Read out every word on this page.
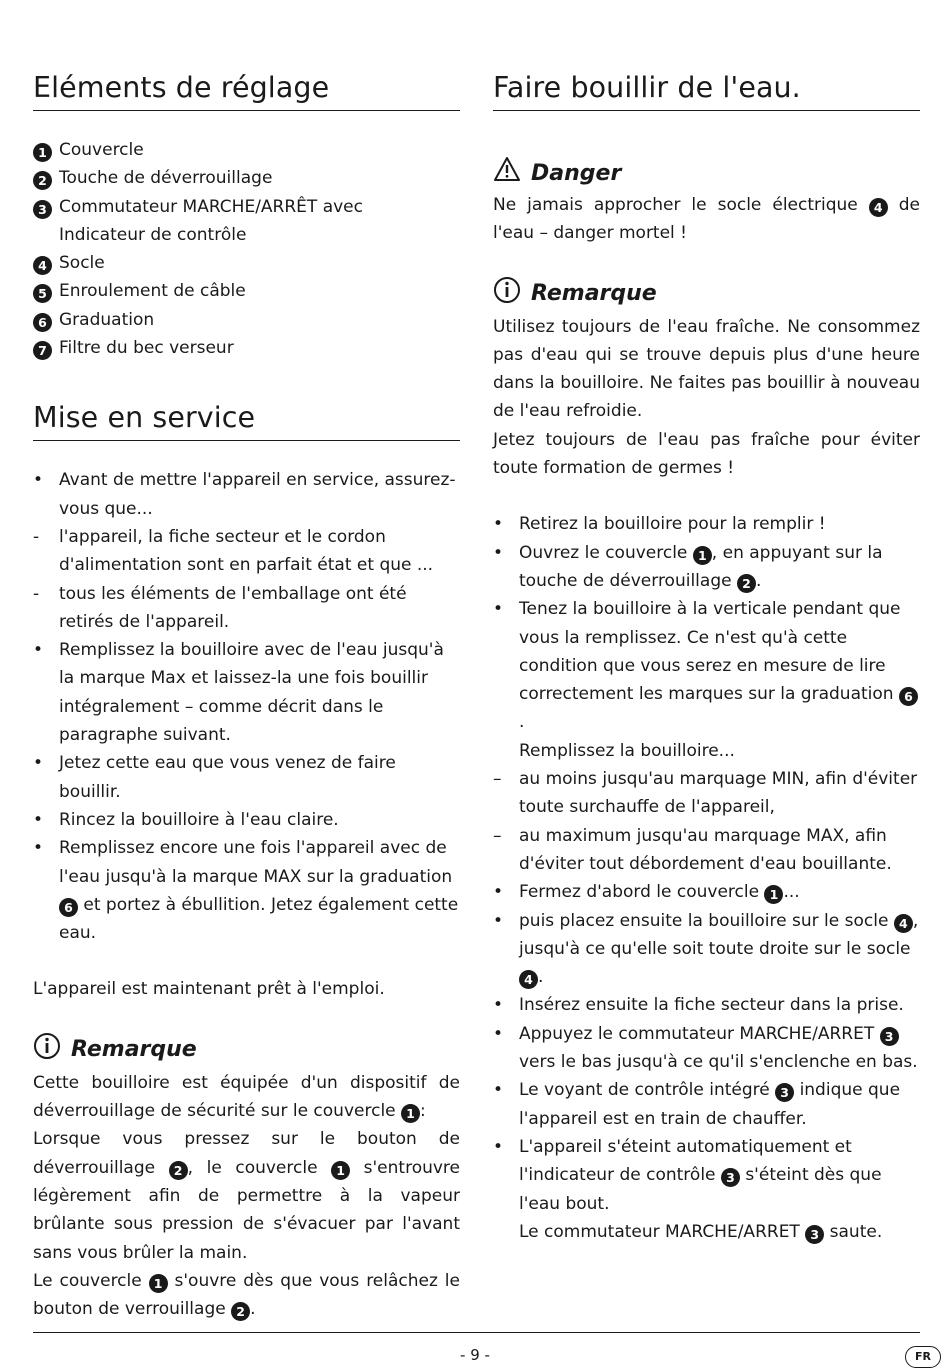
Eléments de réglage
1 Couvercle
2 Touche de déverrouillage
3 Commutateur MARCHE/ARRÊT avec
Indicateur de contrôle
4 Socle
5 Enroulement de câble
6 Graduation
7 Filtre du bec verseur
Mise en service
• Avant de mettre l'appareil en service, assurez-vous que...
-	l'appareil, la fiche secteur et le cordon d'alimentation sont en parfait état et que ...
-	tous les éléments de l'emballage ont été retirés de l'appareil.
• Remplissez la bouilloire avec de l'eau jusqu'à la marque Max et laissez-la une fois bouillir intégralement – comme décrit dans le paragraphe suivant.
• Jetez cette eau que vous venez de faire bouillir.
• Rincez la bouilloire à l'eau claire.
• Remplissez encore une fois l'appareil avec de l'eau jusqu'à la marque MAX sur la graduation 6 et portez à ébullition. Jetez également cette eau.
L'appareil est maintenant prêt à l'emploi.
Remarque
Cette bouilloire est équipée d'un dispositif de déverrouillage de sécurité sur le couvercle 1 :
Lorsque vous pressez sur le bouton de déverrouillage 2 , le couvercle 1 s'entrouvre légèrement afin de permettre à la vapeur brûlante sous pression de s'évacuer par l'avant sans vous brûler la main.
Le couvercle 1 s'ouvre dès que vous relâchez le bouton de verrouillage 2 .
Faire bouillir de l'eau.
Danger
Ne jamais approcher le socle électrique 4 de l'eau – danger mortel !
Remarque
Utilisez toujours de l'eau fraîche. Ne consommez pas d'eau qui se trouve depuis plus d'une heure dans la bouilloire. Ne faites pas bouillir à nouveau de l'eau refroidie.
Jetez toujours de l'eau pas fraîche pour éviter toute formation de germes !
• Retirez la bouilloire pour la remplir !
• Ouvrez le couvercle 1 , en appuyant sur la touche de déverrouillage 2 .
• Tenez la bouilloire à la verticale pendant que vous la remplissez. Ce n'est qu'à cette condition que vous serez en mesure de lire correctement les marques sur la graduation 6.
Remplissez la bouilloire...
–	au moins jusqu'au marquage MIN, afin d'éviter toute surchauffe de l'appareil,
–	au maximum jusqu'au marquage MAX, afin d'éviter tout débordement d'eau bouillante.
• Fermez d'abord le couvercle 1 ...
• puis placez ensuite la bouilloire sur le socle 4 , jusqu'à ce qu'elle soit toute droite sur le socle 4 .
• Insérez ensuite la fiche secteur dans la prise.
• Appuyez le commutateur MARCHE/ARRET 3 vers le bas jusqu'à ce qu'il s'enclenche en bas.
• Le voyant de contrôle intégré 3 indique que l'appareil est en train de chauffer.
• L'appareil s'éteint automatiquement et l'indicateur de contrôle 3 s'éteint dès que l'eau bout.
Le commutateur MARCHE/ARRET 3 saute.
- 9 -	FR
